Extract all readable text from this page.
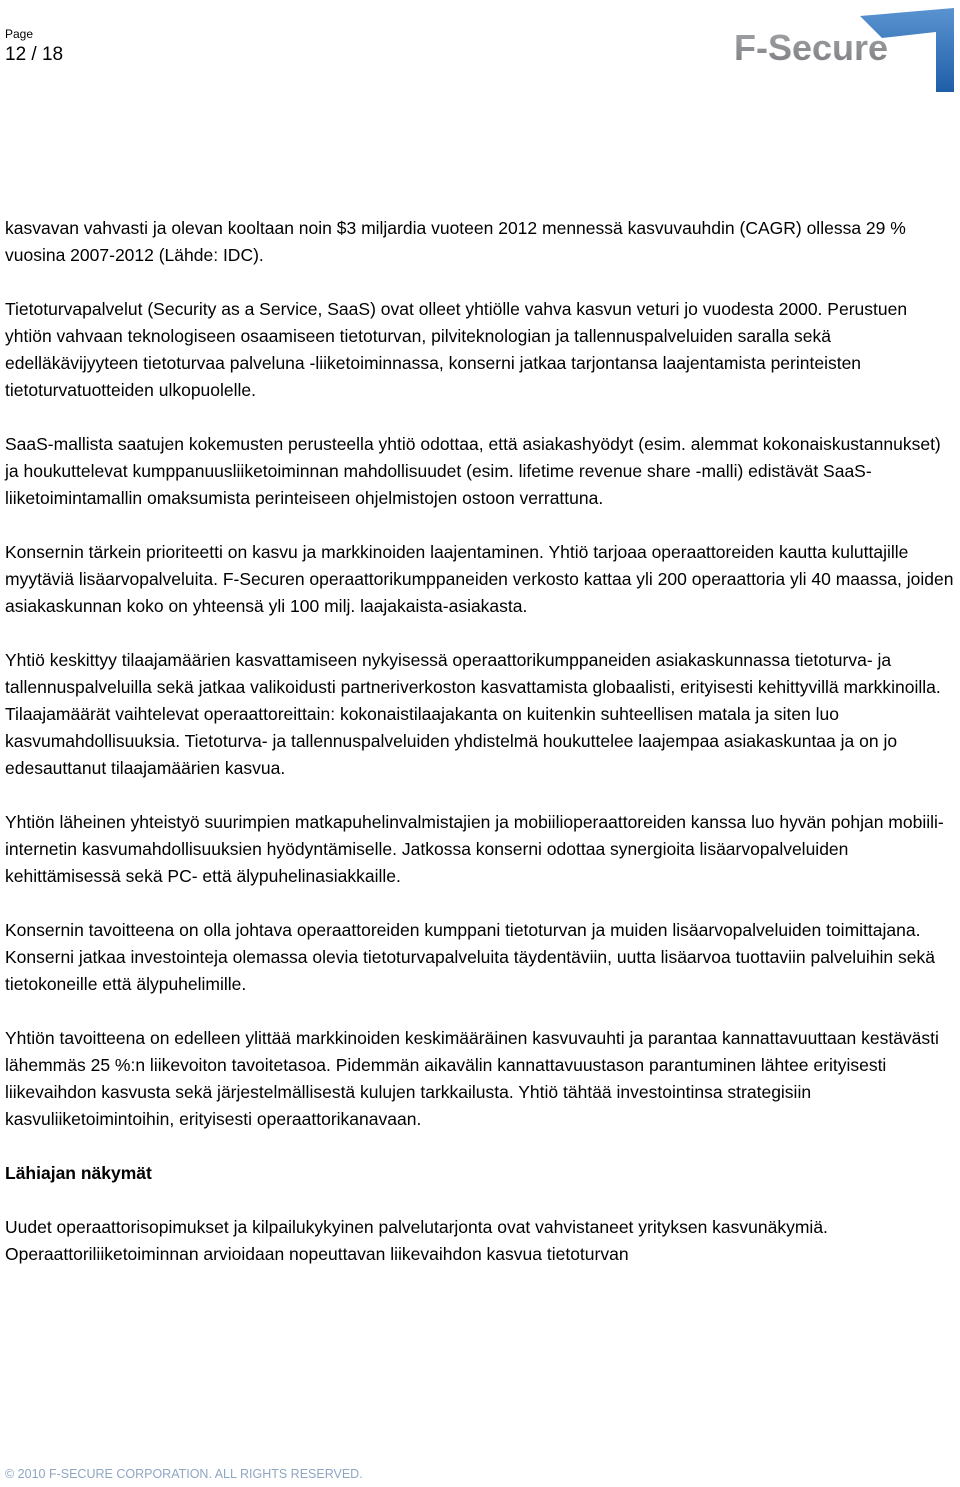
Page
12 / 18	F-Secure

kasvavan vahvasti ja olevan kooltaan noin $3 miljardia vuoteen 2012 mennessä kasvuvauhdin (CAGR) ollessa 29 % vuosina 2007-2012 (Lähde: IDC).

Tietoturvapalvelut (Security as a Service, SaaS) ovat olleet yhtiölle vahva kasvun veturi jo vuodesta 2000. Perustuen yhtiön vahvaan teknologiseen osaamiseen tietoturvan, pilviteknologian ja tallennuspalveluiden saralla sekä edelläkävijyyteen tietoturvaa palveluna -liiketoiminnassa, konserni jatkaa tarjontansa laajentamista perinteisten tietoturvatuotteiden ulkopuolelle.

SaaS-mallista saatujen kokemusten perusteella yhtiö odottaa, että asiakashyödyt (esim. alemmat kokonaiskustannukset) ja houkuttelevat kumppanuusliiketoiminnan mahdollisuudet (esim. lifetime revenue share -malli) edistävät SaaS-liiketoimintamallin omaksumista perinteiseen ohjelmistojen ostoon verrattuna.

Konsernin tärkein prioriteetti on kasvu ja markkinoiden laajentaminen. Yhtiö tarjoaa operaattoreiden kautta kuluttajille myytäviä lisäarvopalveluita. F-Securen operaattorikumppaneiden verkosto kattaa yli 200 operaattoria yli 40 maassa, joiden asiakaskunnan koko on yhteensä yli 100 milj. laajakaista-asiakasta.

Yhtiö keskittyy tilaajamäärien kasvattamiseen nykyisessä operaattorikumppaneiden asiakaskunnassa tietoturva- ja tallennuspalveluilla sekä jatkaa valikoidusti partneriverkoston kasvattamista globaalisti, erityisesti kehittyvillä markkinoilla. Tilaajamäärät vaihtelevat operaattoreittain: kokonaistilaajakanta on kuitenkin suhteellisen matala ja siten luo kasvumahdollisuuksia. Tietoturva- ja tallennuspalveluiden yhdistelmä houkuttelee laajempaa asiakaskuntaa ja on jo edesauttanut tilaajamäärien kasvua.

Yhtiön läheinen yhteistyö suurimpien matkapuhelinvalmistajien ja mobiilioperaattoreiden kanssa luo hyvän pohjan mobiili-internetin kasvumahdollisuuksien hyödyntämiselle. Jatkossa konserni odottaa synergioita lisäarvopalveluiden kehittämisessä sekä PC- että älypuhelinasiakkaille.

Konsernin tavoitteena on olla johtava operaattoreiden kumppani tietoturvan ja muiden lisäarvopalveluiden toimittajana. Konserni jatkaa investointeja olemassa olevia tietoturvapalveluita täydentäviin, uutta lisäarvoa tuottaviin palveluihin sekä tietokoneille että älypuhelimille.

Yhtiön tavoitteena on edelleen ylittää markkinoiden keskimääräinen kasvuvauhti ja parantaa kannattavuuttaan kestävästi lähemmäs 25 %:n liikevoiton tavoitetasoa. Pidemmän aikavälin kannattavuustason parantuminen lähtee erityisesti liikevaihdon kasvusta sekä järjestelmällisestä kulujen tarkkailusta. Yhtiö tähtää investointinsa strategisiin kasvuliiketoimintoihin, erityisesti operaattorikanavaan.

Lähiajan näkymät

Uudet operaattorisopimukset ja kilpailukykyinen palvelutarjonta ovat vahvistaneet yrityksen kasvunäkymiä. Operaattoriliiketoiminnan arvioidaan nopeuttavan liikevaihdon kasvua tietoturvan

© 2010 F-SECURE CORPORATION. ALL RIGHTS RESERVED.
